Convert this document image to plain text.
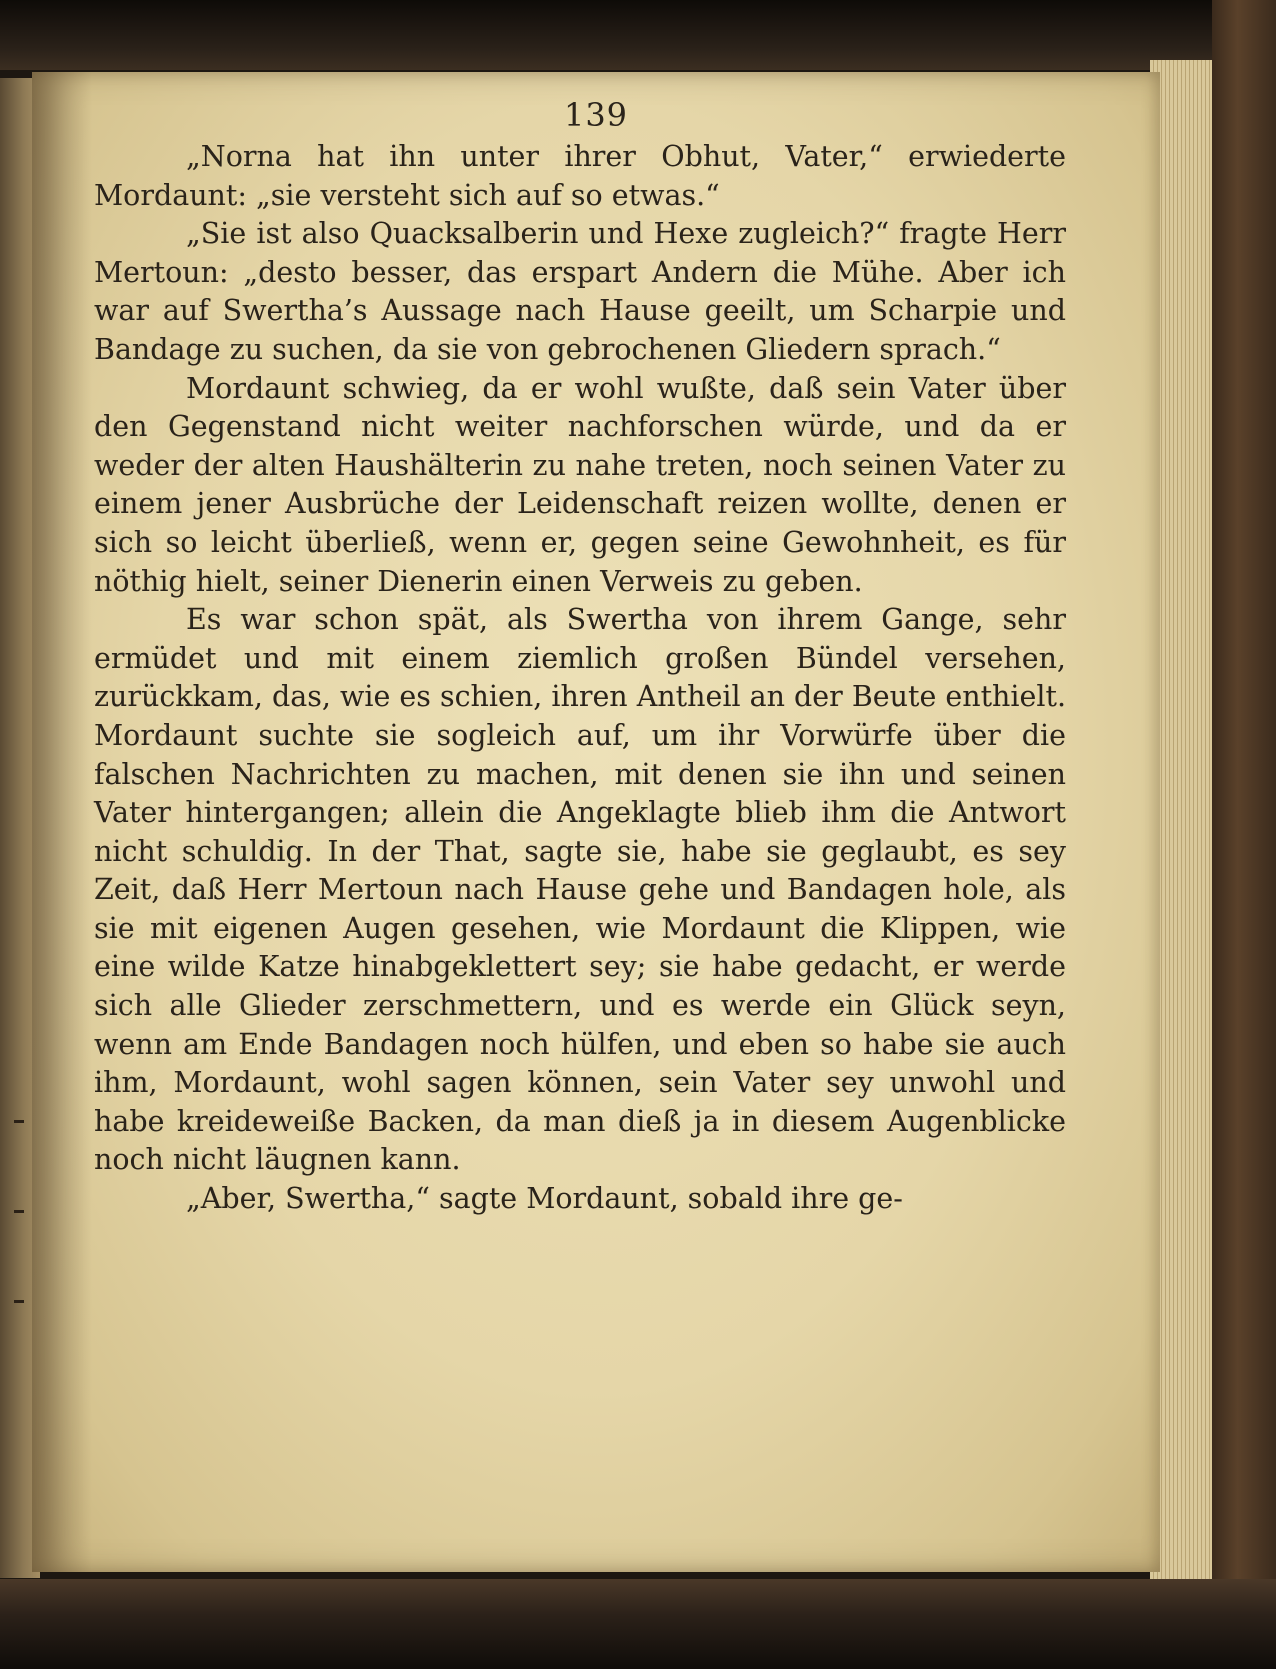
139

„Norna hat ihn unter ihrer Obhut, Vater,“ erwiederte Mordaunt: „sie versteht sich auf so etwas.“

„Sie ist also Quacksalberin und Hexe zugleich?“ fragte Herr Mertoun: „desto besser, das erspart Andern die Mühe. Aber ich war auf Swertha’s Aussage nach Hause geeilt, um Scharpie und Bandage zu suchen, da sie von gebrochenen Gliedern sprach.“

Mordaunt schwieg, da er wohl wußte, daß sein Vater über den Gegenstand nicht weiter nachforschen würde, und da er weder der alten Haushälterin zu nahe treten, noch seinen Vater zu einem jener Ausbrüche der Leidenschaft reizen wollte, denen er sich so leicht überließ, wenn er, gegen seine Gewohnheit, es für nöthig hielt, seiner Dienerin einen Verweis zu geben.

Es war schon spät, als Swertha von ihrem Gange, sehr ermüdet und mit einem ziemlich großen Bündel versehen, zurückkam, das, wie es schien, ihren Antheil an der Beute enthielt. Mordaunt suchte sie sogleich auf, um ihr Vorwürfe über die falschen Nachrichten zu machen, mit denen sie ihn und seinen Vater hintergangen; allein die Angeklagte blieb ihm die Antwort nicht schuldig. In der That, sagte sie, habe sie geglaubt, es sey Zeit, daß Herr Mertoun nach Hause gehe und Bandagen hole, als sie mit eigenen Augen gesehen, wie Mordaunt die Klippen, wie eine wilde Katze hinabgeklettert sey; sie habe gedacht, er werde sich alle Glieder zerschmettern, und es werde ein Glück seyn, wenn am Ende Bandagen noch hülfen, und eben so habe sie auch ihm, Mordaunt, wohl sagen können, sein Vater sey unwohl und habe kreideweiße Backen, da man dieß ja in diesem Augenblicke noch nicht läugnen kann.

„Aber, Swertha,“ sagte Mordaunt, sobald ihre ge-
